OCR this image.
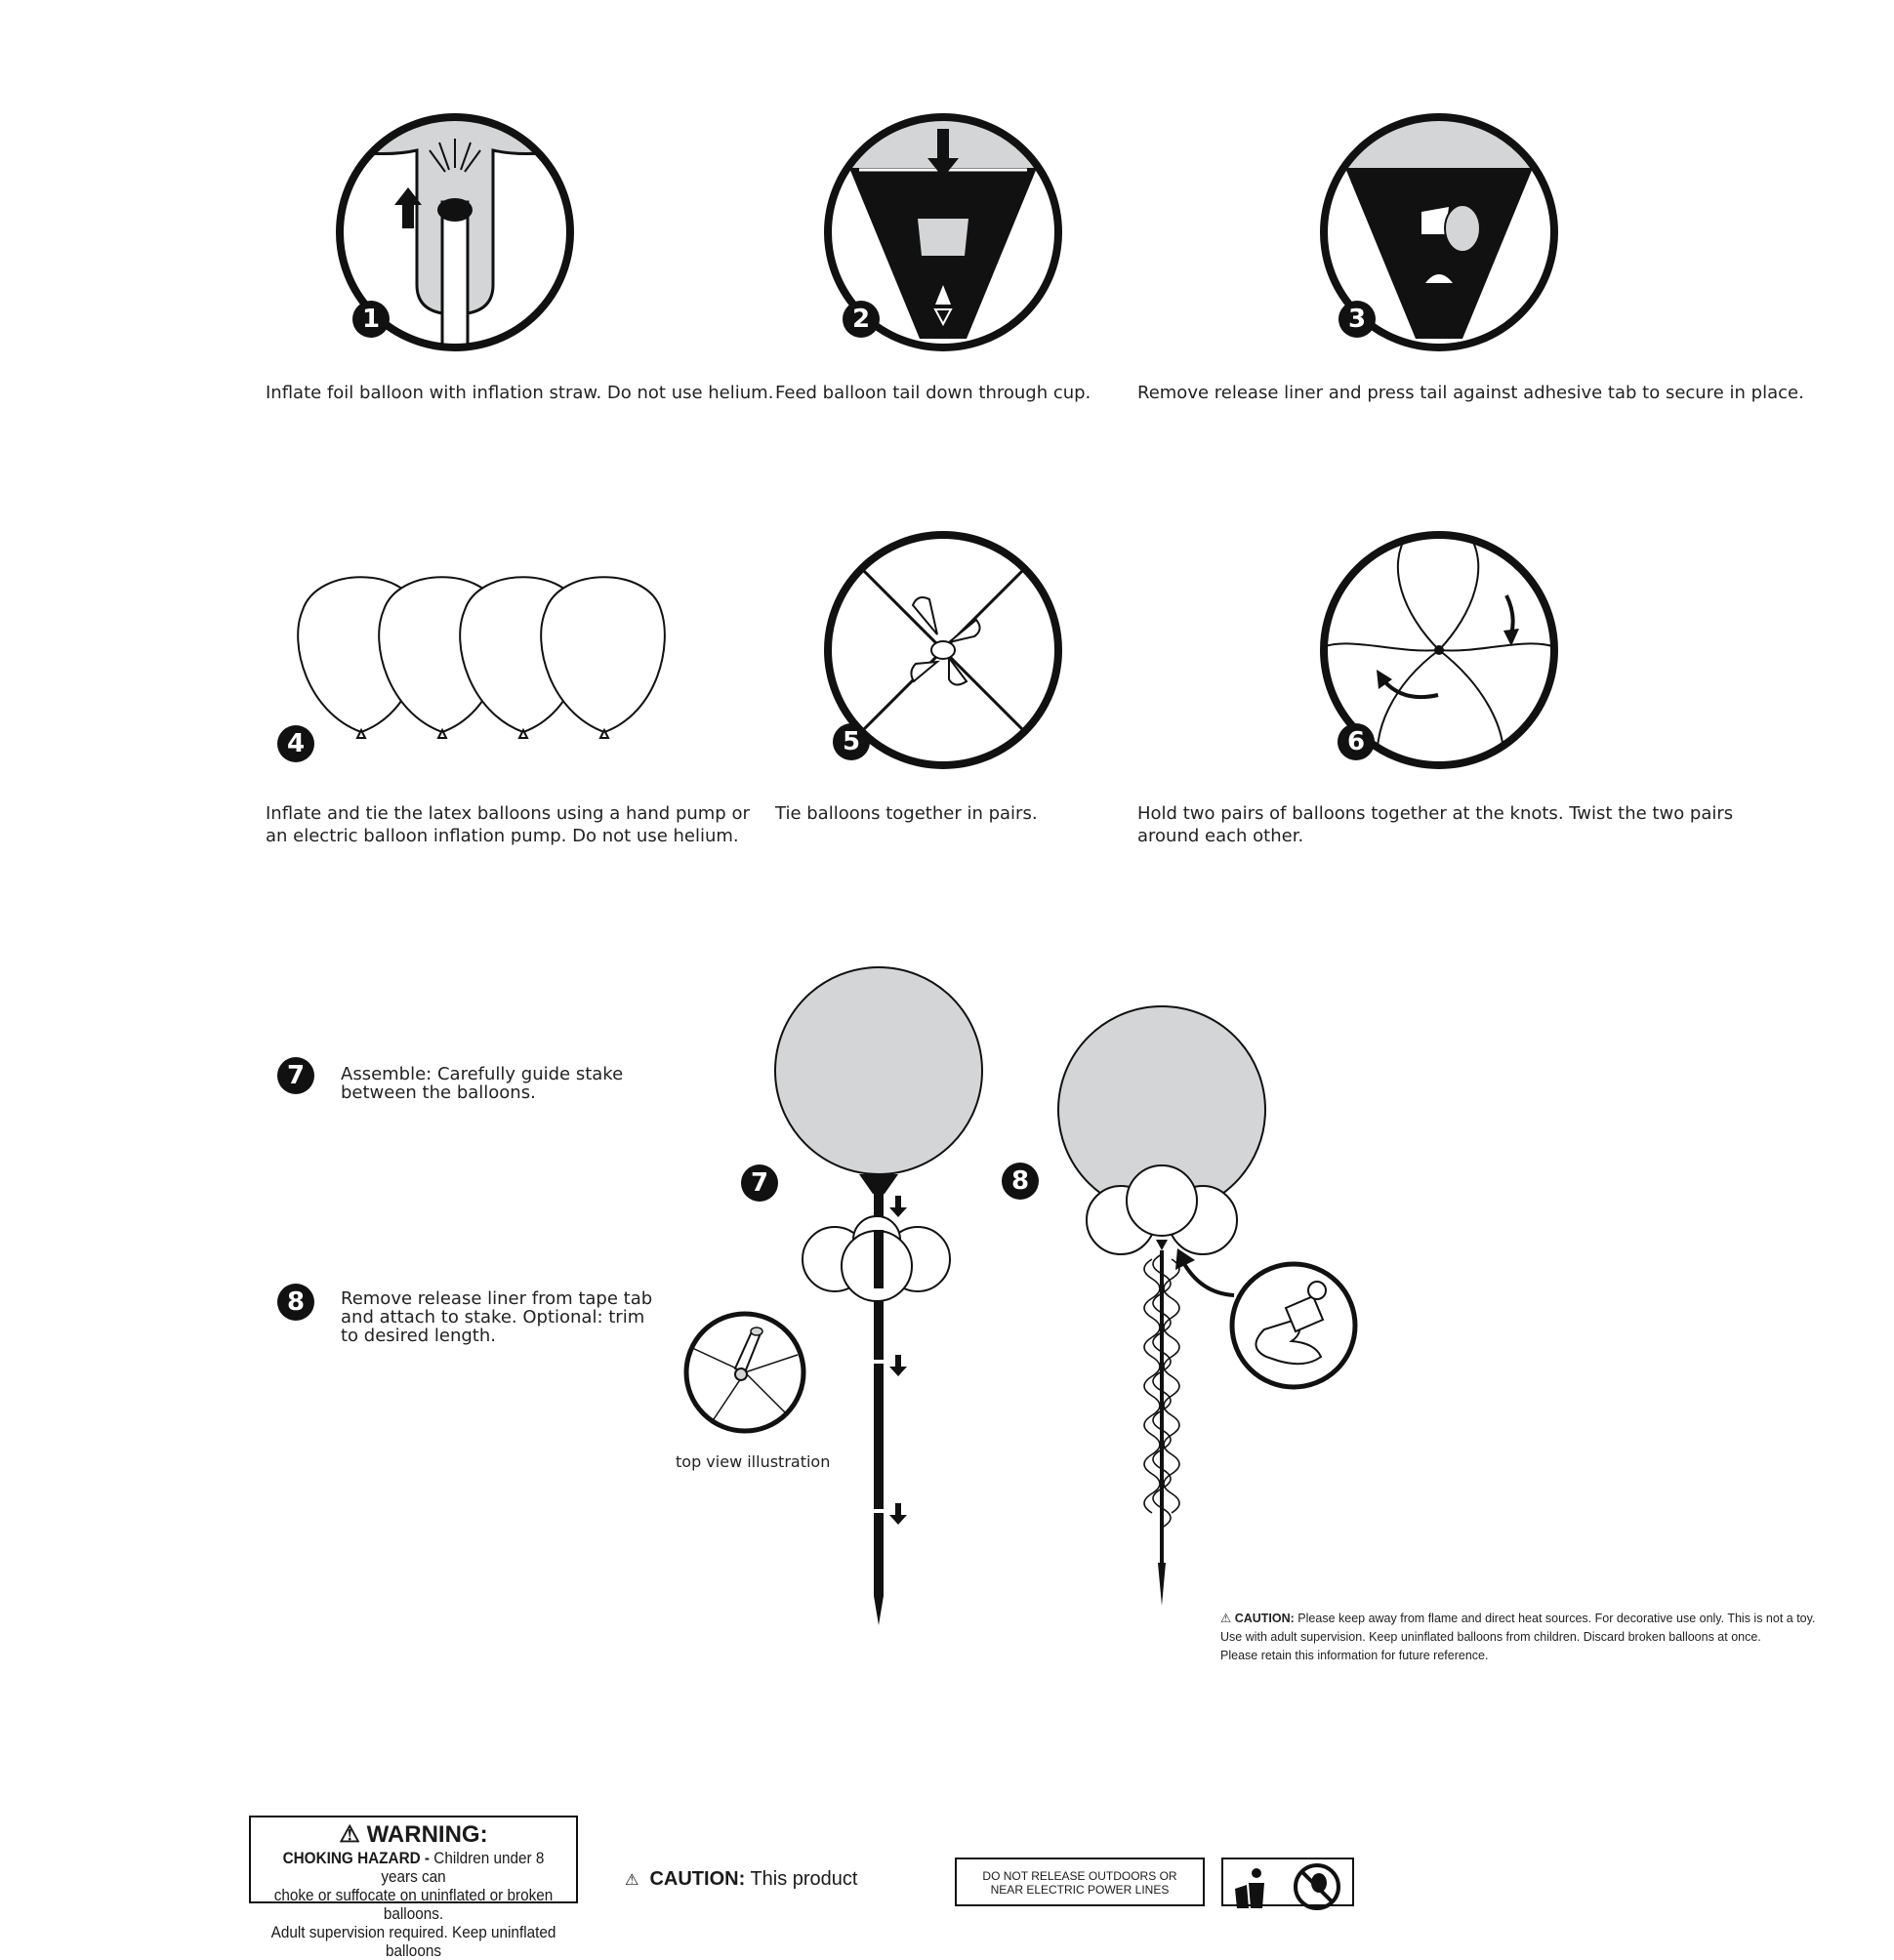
1
Inflate foil balloon with inflation straw. Do not use helium.
2
Feed balloon tail down through cup.
3
Remove release liner and press tail against adhesive tab to secure in place.
4
Inflate and tie the latex balloons using a hand pump or
an electric balloon inflation pump. Do not use helium.
5
Tie balloons together in pairs.
6
Hold two pairs of balloons together at the knots. Twist the two pairs
around each other.
7	Assemble: Carefully guide stake
between the balloons.
8	Remove release liner from tape tab
and attach to stake. Optional: trim
to desired length.
7
top view illustration
8
⚠ CAUTION: Please keep away from flame and direct heat sources. For decorative use only. This is not a toy.
Use with adult supervision. Keep uninflated balloons from children. Discard broken balloons at once.
Please retain this information for future reference.
⚠ WARNING:
CHOKING HAZARD - Children under 8 years can
choke or suffocate on uninflated or broken balloons.
Adult supervision required. Keep uninflated balloons
⚠ CAUTION: This product	DO NOT RELEASE OUTDOORS OR
NEAR ELECTRIC POWER LINES
